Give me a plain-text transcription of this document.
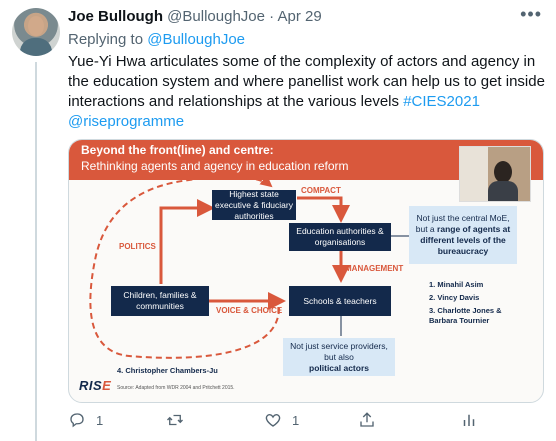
Joe Bullough @BulloughJoe · Apr 29	•••
Replying to @BulloughJoe
Yue-Yi Hwa articulates some of the complexity of actors and agency in
the education system and where panellist work can help us to get inside
interactions and relationships at the various levels #CIES2021
@riseprogramme
Beyond the front(line) and centre:
Rethinking agents and agency in education reform
Highest state executive & fiduciary authorities
Education authorities & organisations
Children, families & communities
Schools & teachers
COMPACT
POLITICS
MANAGEMENT
VOICE & CHOICE
Not just the central MoE,
but a range of agents at different levels of the bureaucracy
1. Minahil Asim
2. Vincy Davis
3. Charlotte Jones & Barbara Tournier
Not just service providers,
but also
political actors
4. Christopher Chambers-Ju
RISE Source: Adapted from WDR 2004 and Pritchett 2015.
1	1
